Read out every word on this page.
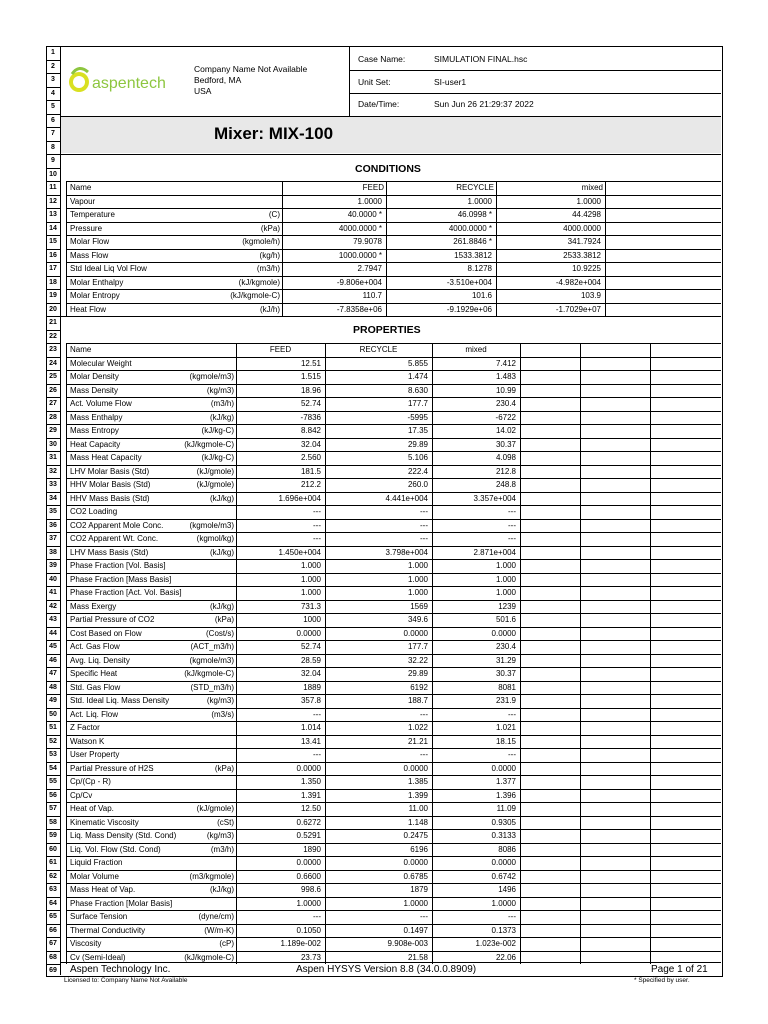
1
2
3
4
5
6
7
8
9
10
11
12
13
14
15
16
17
18
19
20
21
22
23
24
25
26
27
28
29
30
31
32
33
34
35
36
37
38
39
40
41
42
43
44
45
46
47
48
49
50
51
52
53
54
55
56
57
58
59
60
61
62
63
64
65
66
67
68
69
aspentech
Company Name Not Available
Bedford, MA
USA
Case Name:	SIMULATION FINAL.hsc
Unit Set:	SI-user1
Date/Time:	Sun Jun 26 21:29:37 2022
Mixer: MIX-100
CONDITIONS
PROPERTIES
Aspen Technology Inc.	Aspen HYSYS Version 8.8 (34.0.0.8909)	Page 1 of 21
Licensed to: Company Name Not Available	* Specified by user.
Name	FEED	RECYCLE	mixed
Vapour	1.0000	1.0000	1.0000
Temperature	(C)	40.0000 *	46.0998 *	44.4298
Pressure	(kPa)	4000.0000 *	4000.0000 *	4000.0000
Molar Flow	(kgmole/h)	79.9078	261.8846 *	341.7924
Mass Flow	(kg/h)	1000.0000 *	1533.3812	2533.3812
Std Ideal Liq Vol Flow	(m3/h)	2.7947	8.1278	10.9225
Molar Enthalpy	(kJ/kgmole)	-9.806e+004	-3.510e+004	-4.982e+004
Molar Entropy	(kJ/kgmole-C)	110.7	101.6	103.9
Heat Flow	(kJ/h)	-7.8358e+06	-9.1929e+06	-1.7029e+07
Name	FEED	RECYCLE	mixed
Molecular Weight	12.51	5.855	7.412
Molar Density	(kgmole/m3)	1.515	1.474	1.483
Mass Density	(kg/m3)	18.96	8.630	10.99
Act. Volume Flow	(m3/h)	52.74	177.7	230.4
Mass Enthalpy	(kJ/kg)	-7836	-5995	-6722
Mass Entropy	(kJ/kg-C)	8.842	17.35	14.02
Heat Capacity	(kJ/kgmole-C)	32.04	29.89	30.37
Mass Heat Capacity	(kJ/kg-C)	2.560	5.106	4.098
LHV Molar Basis (Std)	(kJ/gmole)	181.5	222.4	212.8
HHV Molar Basis (Std)	(kJ/gmole)	212.2	260.0	248.8
HHV Mass Basis (Std)	(kJ/kg)	1.696e+004	4.441e+004	3.357e+004
CO2 Loading	---	---	---
CO2 Apparent Mole Conc.	(kgmole/m3)	---	---	---
CO2 Apparent Wt. Conc.	(kgmol/kg)	---	---	---
LHV Mass Basis (Std)	(kJ/kg)	1.450e+004	3.798e+004	2.871e+004
Phase Fraction [Vol. Basis]	1.000	1.000	1.000
Phase Fraction [Mass Basis]	1.000	1.000	1.000
Phase Fraction [Act. Vol. Basis]	1.000	1.000	1.000
Mass Exergy	(kJ/kg)	731.3	1569	1239
Partial Pressure of CO2	(kPa)	1000	349.6	501.6
Cost Based on Flow	(Cost/s)	0.0000	0.0000	0.0000
Act. Gas Flow	(ACT_m3/h)	52.74	177.7	230.4
Avg. Liq. Density	(kgmole/m3)	28.59	32.22	31.29
Specific Heat	(kJ/kgmole-C)	32.04	29.89	30.37
Std. Gas Flow	(STD_m3/h)	1889	6192	8081
Std. Ideal Liq. Mass Density	(kg/m3)	357.8	188.7	231.9
Act. Liq. Flow	(m3/s)	---	---	---
Z Factor	1.014	1.022	1.021
Watson K	13.41	21.21	18.15
User Property	---	---	---
Partial Pressure of H2S	(kPa)	0.0000	0.0000	0.0000
Cp/(Cp - R)	1.350	1.385	1.377
Cp/Cv	1.391	1.399	1.396
Heat of Vap.	(kJ/gmole)	12.50	11.00	11.09
Kinematic Viscosity	(cSt)	0.6272	1.148	0.9305
Liq. Mass Density (Std. Cond)	(kg/m3)	0.5291	0.2475	0.3133
Liq. Vol. Flow (Std. Cond)	(m3/h)	1890	6196	8086
Liquid Fraction	0.0000	0.0000	0.0000
Molar Volume	(m3/kgmole)	0.6600	0.6785	0.6742
Mass Heat of Vap.	(kJ/kg)	998.6	1879	1496
Phase Fraction [Molar Basis]	1.0000	1.0000	1.0000
Surface Tension	(dyne/cm)	---	---	---
Thermal Conductivity	(W/m-K)	0.1050	0.1497	0.1373
Viscosity	(cP)	1.189e-002	9.908e-003	1.023e-002
Cv (Semi-Ideal)	(kJ/kgmole-C)	23.73	21.58	22.06
